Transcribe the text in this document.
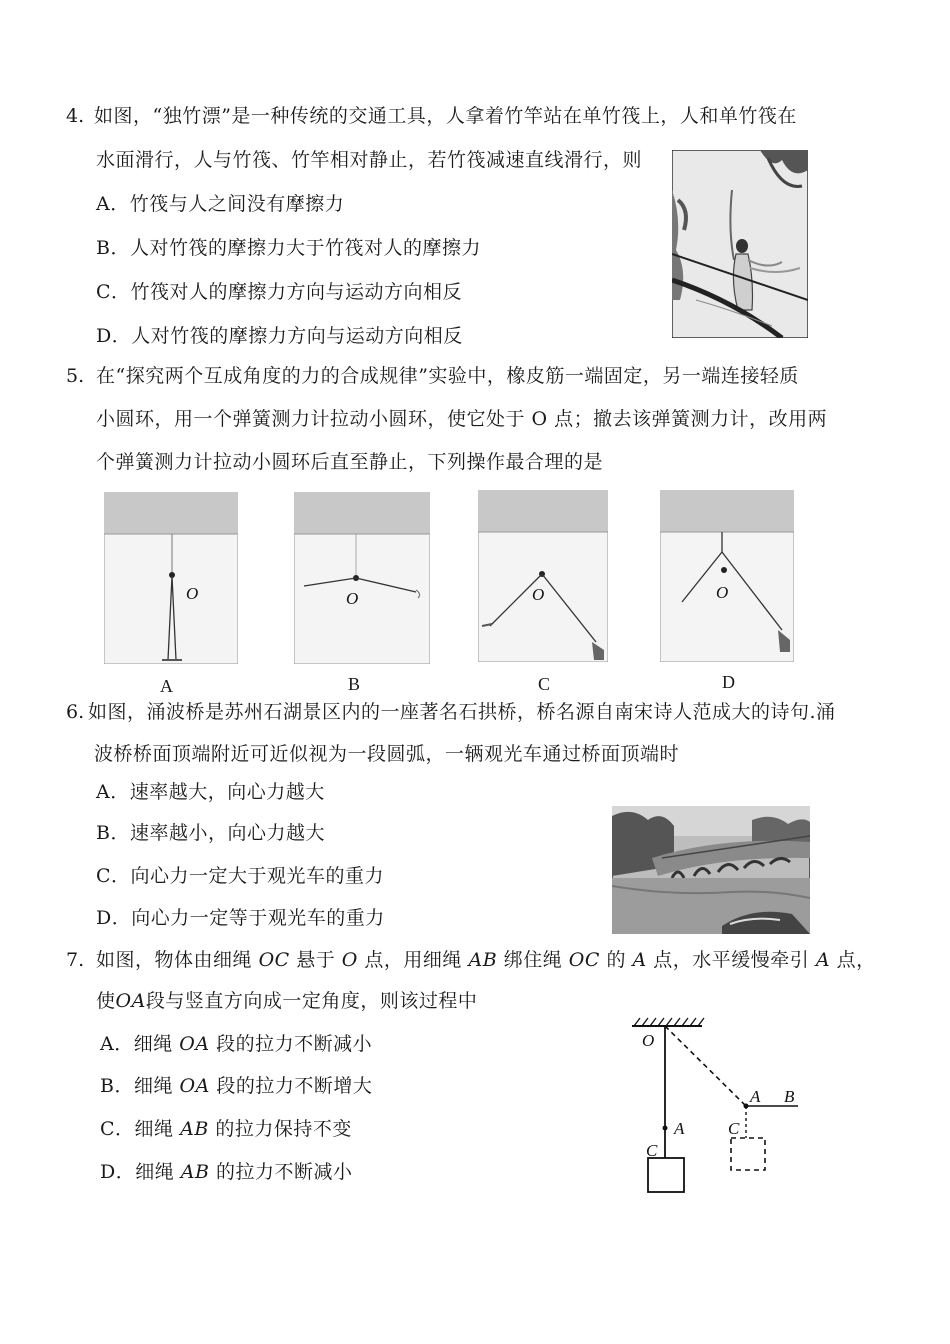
4. 如图，“独竹漂”是一种传统的交通工具，人拿着竹竿站在单竹筏上，人和单竹筏在
水面滑行，人与竹筏、竹竿相对静止，若竹筏减速直线滑行，则
A．竹筏与人之间没有摩擦力
B．人对竹筏的摩擦力大于竹筏对人的摩擦力
C．竹筏对人的摩擦力方向与运动方向相反
D．人对竹筏的摩擦力方向与运动方向相反
5. 在“探究两个互成角度的力的合成规律”实验中，橡皮筋一端固定，另一端连接轻质
小圆环，用一个弹簧测力计拉动小圆环，使它处于 O 点；撤去该弹簧测力计，改用两
个弹簧测力计拉动小圆环后直至静止，下列操作最合理的是
O
A
O
B
O
C
O
D
6. 如图，涌波桥是苏州石湖景区内的一座著名石拱桥，桥名源自南宋诗人范成大的诗句.涌
波桥桥面顶端附近可近似视为一段圆弧，一辆观光车通过桥面顶端时
A．速率越大，向心力越大
B．速率越小，向心力越大
C．向心力一定大于观光车的重力
D．向心力一定等于观光车的重力
7. 如图，物体由细绳 OC 悬于 O 点，用细绳 AB 绑住绳 OC 的 A 点，水平缓慢牵引 A 点，
使OA段与竖直方向成一定角度，则该过程中
A．细绳 OA 段的拉力不断减小
B．细绳 OA 段的拉力不断增大
C．细绳 AB 的拉力保持不变
D．细绳 AB 的拉力不断减小
O
A
C
A B
C
